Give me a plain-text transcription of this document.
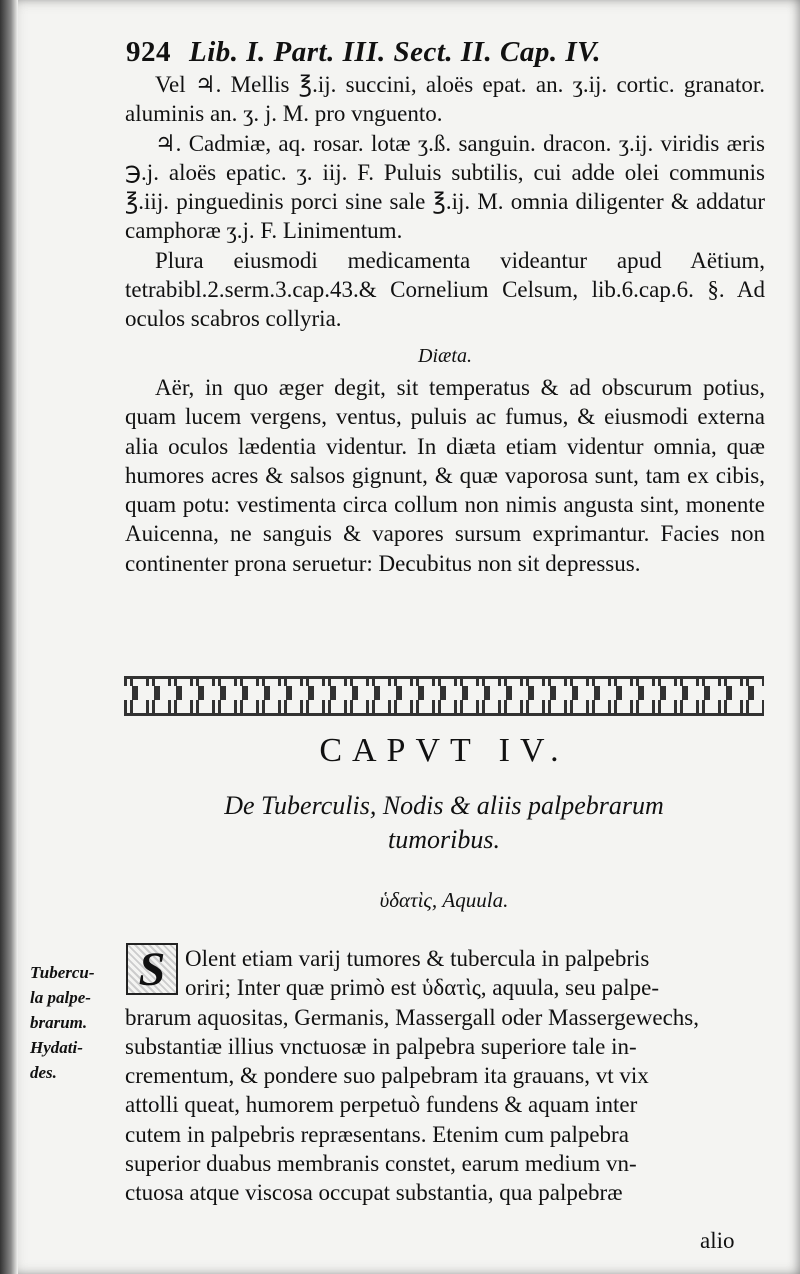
924 Lib. I. Part. III. Sect. II. Cap. IV.

Vel ♃. Mellis ℥.ij. succini, aloës epat. an. ʒ.ij. cortic. granator. aluminis an. ʒ. j. M. pro vnguento.

♃. Cadmiæ, aq. rosar. lotæ ʒ.ß. sanguin. dracon. ʒ.ij. viridis æris ℈.j. aloës epatic. ʒ. iij. F. Puluis subtilis, cui adde olei communis ℥.iij. pinguedinis porci sine sale ℥.ij. M. omnia diligenter & addatur camphoræ ʒ.j. F. Linimentum.

Plura eiusmodi medicamenta videantur apud Aëtium, tetrabibl.2.serm.3.cap.43.& Cornelium Celsum, lib.6.cap.6. §. Ad oculos scabros collyria.

Diæta.

Aër, in quo æger degit, sit temperatus & ad obscurum potius, quam lucem vergens, ventus, puluis ac fumus, & eiusmodi externa alia oculos lædentia videntur. In diæta etiam videntur omnia, quæ humores acres & salsos gignunt, & quæ vaporosa sunt, tam ex cibis, quam potu: vestimenta circa collum non nimis angusta sint, monente Auicenna, ne sanguis & vapores sursum exprimantur. Facies non continenter prona seruetur: Decubitus non sit depressus.

CAPVT IV.
De Tuberculis, Nodis & aliis palpebrarum
tumoribus.
ὑδατὶς, Aquula.
Tubercu-
la palpe-
brarum.
Hydati-
des.
S Olent etiam varij tumores & tubercula in palpebris
oriri; Inter quæ primò est ὑδατὶς, aquula, seu palpe-
brarum aquositas, Germanis, Massergall oder Massergewechs,
substantiæ illius vnctuosæ in palpebra superiore tale in-
crementum, & pondere suo palpebram ita grauans, vt vix
attolli queat, humorem perpetuò fundens & aquam inter
cutem in palpebris repræsentans. Etenim cum palpebra
superior duabus membranis constet, earum medium vn-
ctuosa atque viscosa occupat substantia, qua palpebræ
alio
